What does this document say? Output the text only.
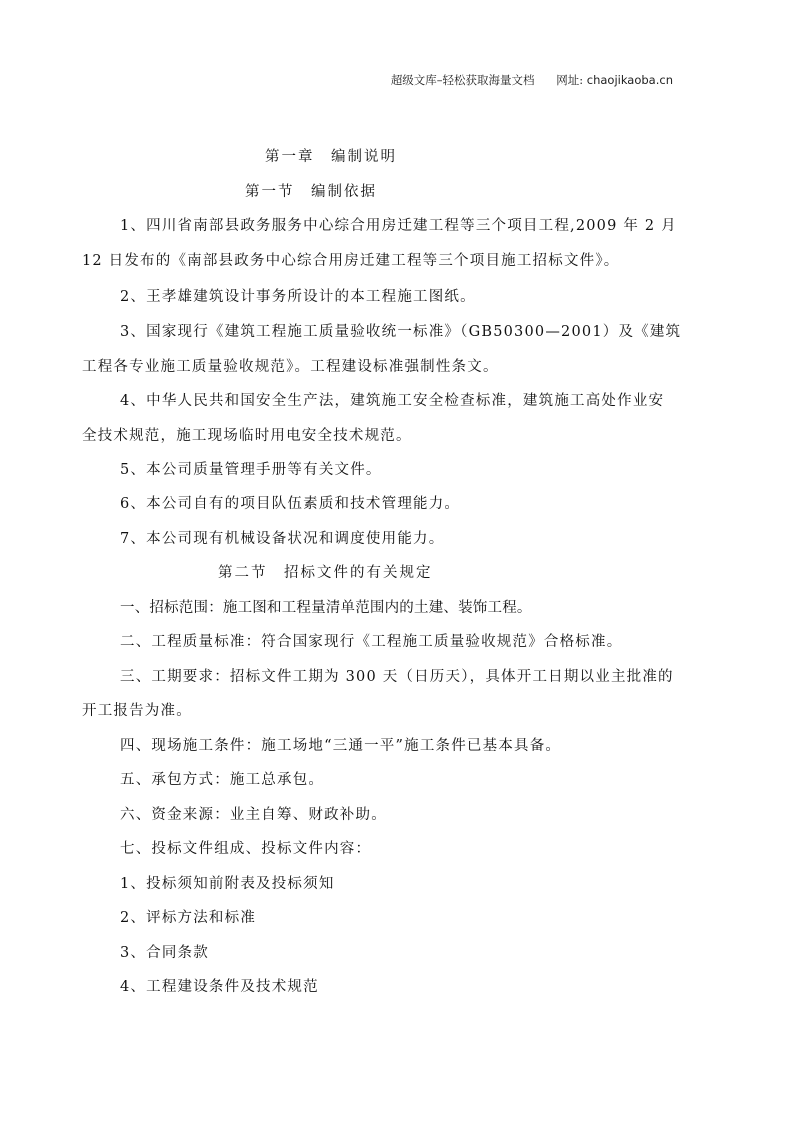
超级文库–轻松获取海量文档 网址: chaojikaoba.cn
第一章　编制说明
第一节　编制依据
1、四川省南部县政务服务中心综合用房迁建工程等三个项目工程,2009 年 2 月
12 日发布的《南部县政务中心综合用房迁建工程等三个项目施工招标文件》。
2、王孝雄建筑设计事务所设计的本工程施工图纸。
3、国家现行《建筑工程施工质量验收统一标准》（GB50300—2001）及《建筑
工程各专业施工质量验收规范》。工程建设标准强制性条文。
4、中华人民共和国安全生产法，建筑施工安全检查标准，建筑施工高处作业安
全技术规范，施工现场临时用电安全技术规范。
5、本公司质量管理手册等有关文件。
6、本公司自有的项目队伍素质和技术管理能力。
7、本公司现有机械设备状况和调度使用能力。
第二节　招标文件的有关规定
一、招标范围：施工图和工程量清单范围内的土建、装饰工程。
二、工程质量标准：符合国家现行《工程施工质量验收规范》合格标准。
三、工期要求：招标文件工期为 300 天（日历天），具体开工日期以业主批准的
开工报告为准。
四、现场施工条件：施工场地“三通一平”施工条件已基本具备。
五、承包方式：施工总承包。
六、资金来源：业主自筹、财政补助。
七、投标文件组成、投标文件内容：
1、投标须知前附表及投标须知
2、评标方法和标准
3、合同条款
4、工程建设条件及技术规范
